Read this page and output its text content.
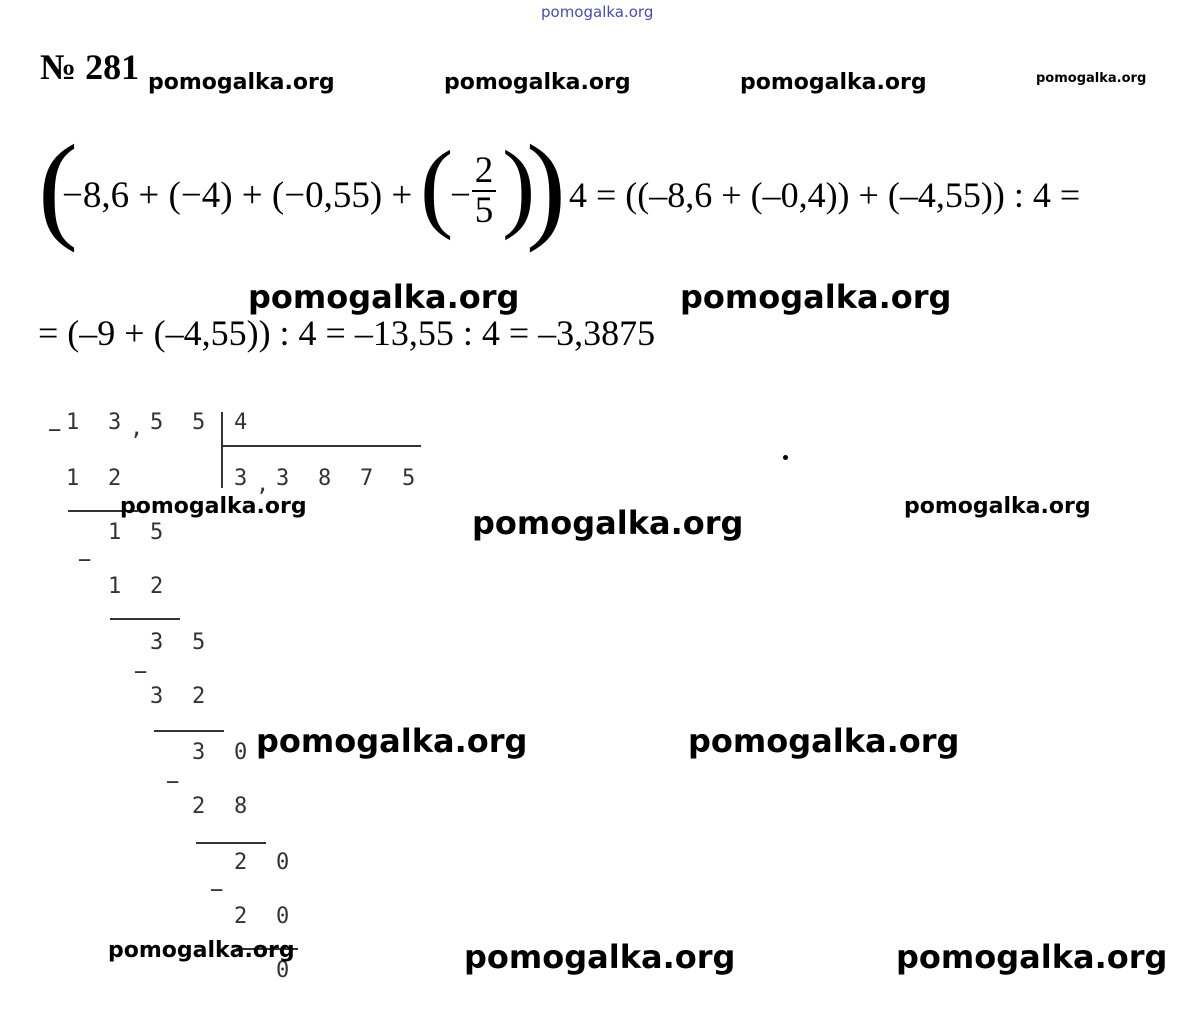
pomogalka.org
№ 281 pomogalka.org	pomogalka.org	pomogalka.org	pomogalka.org
(
−8,6 + (−4) + (−0,55) + (
−
2
5 )
)
: 4 = ((–8,6 + (–0,4)) + (–4,55)) : 4 =
pomogalka.org	pomogalka.org
= (–9 + (–4,55)) : 4 = –13,55 : 4 = –3,3875
− 1 3 , 5 5 4
3 , 3 8 7 5
1 2
1 5
−
1 2
3 5
−
3 2
3 0
−
2 8
2 0
−
2 0
0
pomogalka.org	pomogalka.org	pomogalka.org
pomogalka.org	pomogalka.org
pomogalka.org	pomogalka.org	pomogalka.org
